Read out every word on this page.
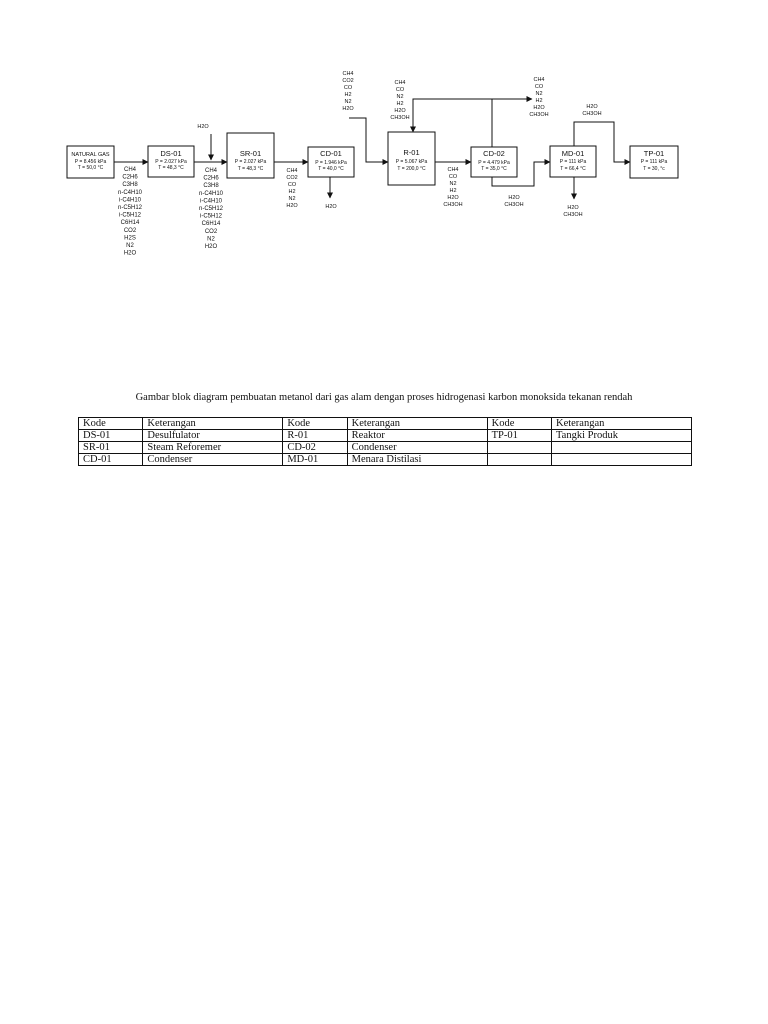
NATURAL GAS
P = 8.456 kPa
T = 50,0 °C
DS-01
P = 2.027 kPa
T = 48,3 °C
SR-01
P = 2.027 kPa
T = 48,3 °C
CD-01
P = 1.946 kPa
T = 40,0 °C
R-01
P = 5.067 kPa
T = 200,0 °C
CD-02
P = 4.479 kPa
T = 35,0 °C
MD-01
P = 111 kPa
T = 66,4 °C
TP-01
P = 111 kPa
T = 30, °c
CH4
C2H6
C3H8
n-C4H10
i-C4H10
n-C5H12
i-C5H12
C6H14
CO2
H2S
N2
H2O
CH4
C2H6
C3H8
n-C4H10
i-C4H10
n-C5H12
i-C5H12
C6H14
CO2
N2
H2O
H2O
CH4
CO2
CO
H2
N2
H2O
CH4
CO2
CO
H2
N2
H2O
H2O
CH4
CO
N2
H2
H2O
CH3OH
CH4
CO
N2
H2
H2O
CH3OH
CH4
CO
N2
H2
H2O
CH3OH
H2O
CH3OH
H2O
CH3OH
H2O
CH3OH
Gambar blok diagram pembuatan metanol dari gas alam dengan proses hidrogenasi karbon monoksida tekanan rendah
Kode	Keterangan	Kode	Keterangan	Kode	Keterangan
DS-01	Desulfulator	R-01	Reaktor	TP-01	Tangki Produk
SR-01	Steam Reforemer	CD-02	Condenser		
CD-01	Condenser	MD-01	Menara Distilasi		
